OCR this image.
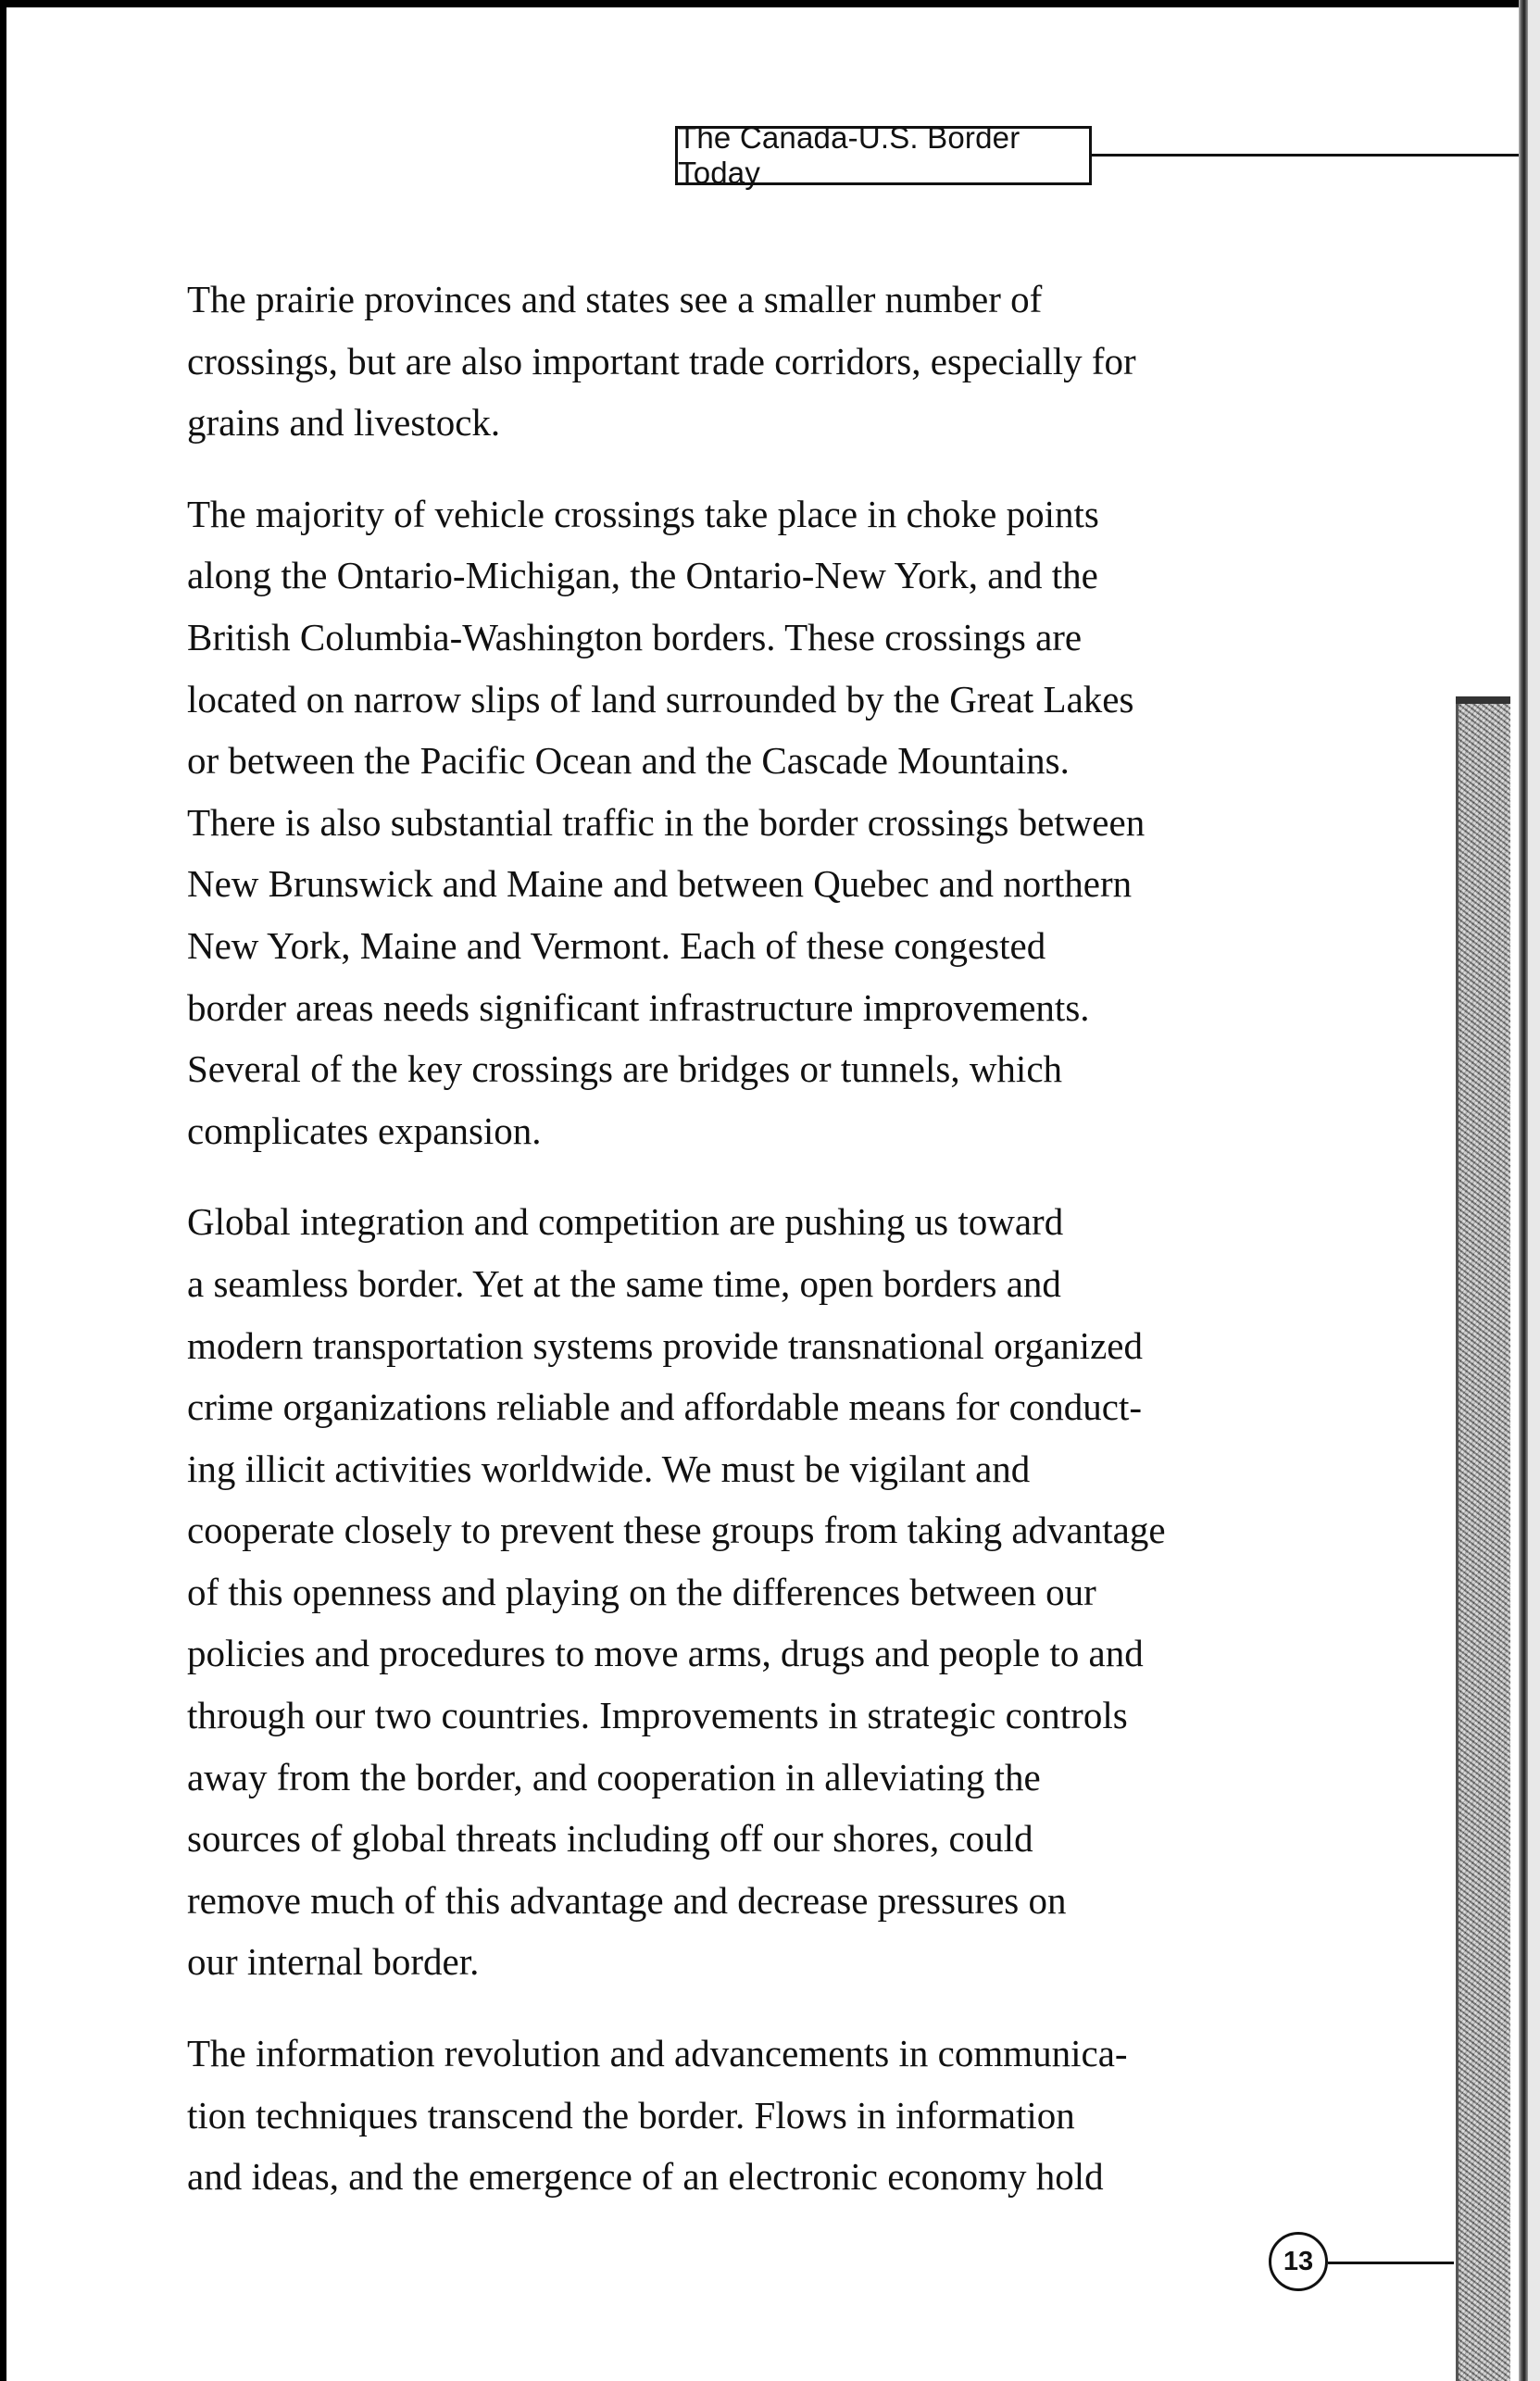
The Canada-U.S. Border Today

The prairie provinces and states see a smaller number of
crossings, but are also important trade corridors, especially for
grains and livestock.

The majority of vehicle crossings take place in choke points
along the Ontario-Michigan, the Ontario-New York, and the
British Columbia-Washington borders. These crossings are
located on narrow slips of land surrounded by the Great Lakes
or between the Pacific Ocean and the Cascade Mountains.
There is also substantial traffic in the border crossings between
New Brunswick and Maine and between Quebec and northern
New York, Maine and Vermont. Each of these congested
border areas needs significant infrastructure improvements.
Several of the key crossings are bridges or tunnels, which
complicates expansion.

Global integration and competition are pushing us toward
a seamless border. Yet at the same time, open borders and
modern transportation systems provide transnational organized
crime organizations reliable and affordable means for conduct-
ing illicit activities worldwide. We must be vigilant and
cooperate closely to prevent these groups from taking advantage
of this openness and playing on the differences between our
policies and procedures to move arms, drugs and people to and
through our two countries. Improvements in strategic controls
away from the border, and cooperation in alleviating the
sources of global threats including off our shores, could
remove much of this advantage and decrease pressures on
our internal border.

The information revolution and advancements in communica-
tion techniques transcend the border. Flows in information
and ideas, and the emergence of an electronic economy hold

13
